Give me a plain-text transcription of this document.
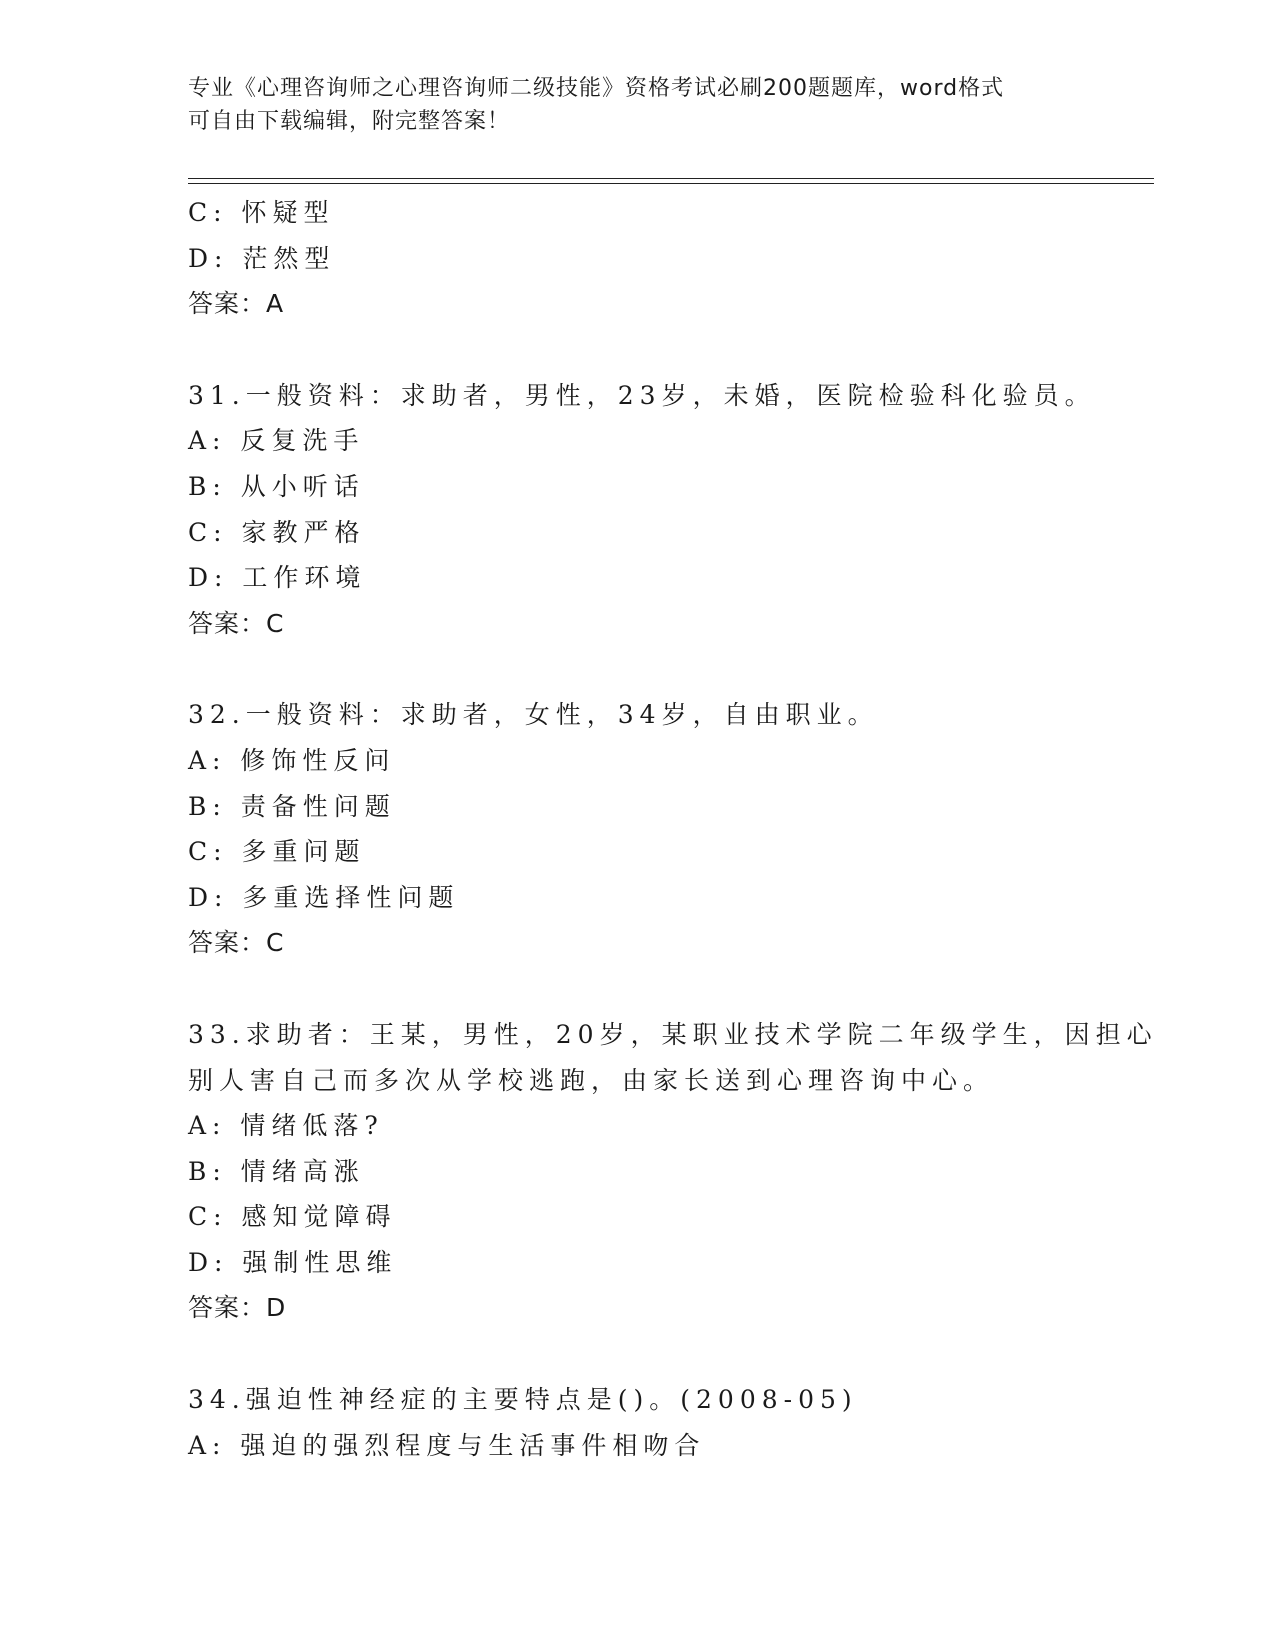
专业《心理咨询师之心理咨询师二级技能》资格考试必刷200题题库，word格式
可自由下载编辑，附完整答案！
C: 怀疑型
D: 茫然型
答案：A
31.一般资料：求助者，男性，23岁，未婚，医院检验科化验员。
A: 反复洗手
B: 从小听话
C: 家教严格
D: 工作环境
答案：C
32.一般资料：求助者，女性，34岁，自由职业。
A: 修饰性反问
B: 责备性问题
C: 多重问题
D: 多重选择性问题
答案：C
33.求助者：王某，男性，20岁，某职业技术学院二年级学生，因担心
别人害自己而多次从学校逃跑，由家长送到心理咨询中心。
A: 情绪低落?
B: 情绪高涨
C: 感知觉障碍
D: 强制性思维
答案：D
34.强迫性神经症的主要特点是()。(2008-05)
A: 强迫的强烈程度与生活事件相吻合
